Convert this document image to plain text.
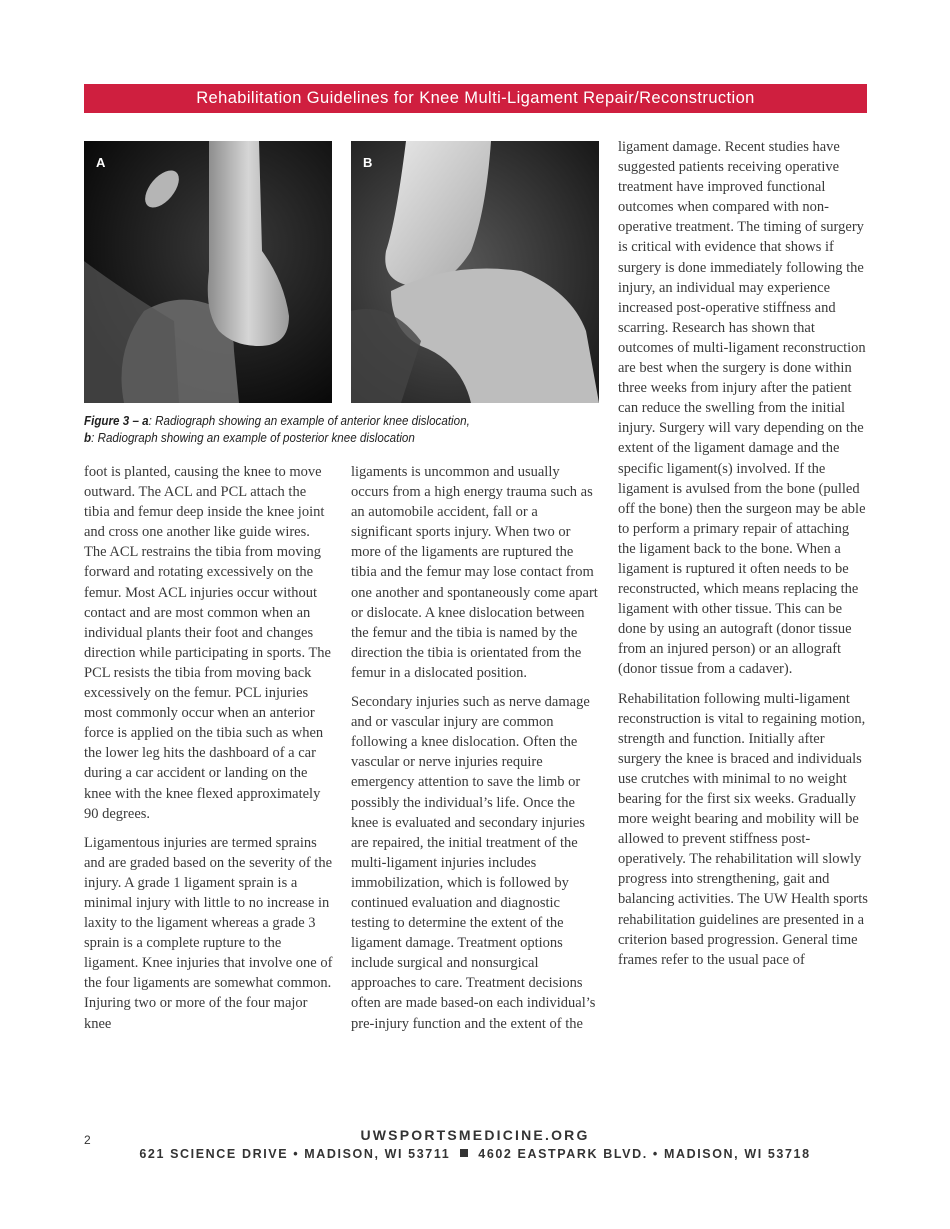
Rehabilitation Guidelines for Knee Multi-Ligament Repair/Reconstruction
A	B
Figure 3 – a: Radiograph showing an example of anterior knee dislocation,
b: Radiograph showing an example of posterior knee dislocation

foot is planted, causing the knee to move outward. The ACL and PCL attach the tibia and femur deep inside the knee joint and cross one another like guide wires. The ACL restrains the tibia from moving forward and rotating excessively on the femur. Most ACL injuries occur without contact and are most common when an individual plants their foot and changes direction while participating in sports. The PCL resists the tibia from moving back excessively on the femur. PCL injuries most commonly occur when an anterior force is applied on the tibia such as when the lower leg hits the dashboard of a car during a car accident or landing on the knee with the knee flexed approximately 90 degrees.

Ligamentous injuries are termed sprains and are graded based on the severity of the injury. A grade 1 ligament sprain is a minimal injury with little to no increase in laxity to the ligament whereas a grade 3 sprain is a complete rupture to the ligament. Knee injuries that involve one of the four ligaments are somewhat common. Injuring two or more of the four major knee

ligaments is uncommon and usually occurs from a high energy trauma such as an automobile accident, fall or a significant sports injury. When two or more of the ligaments are ruptured the tibia and the femur may lose contact from one another and spontaneously come apart or dislocate. A knee dislocation between the femur and the tibia is named by the direction the tibia is orientated from the femur in a dislocated position.

Secondary injuries such as nerve damage and or vascular injury are common following a knee dislocation. Often the vascular or nerve injuries require emergency attention to save the limb or possibly the individual’s life. Once the knee is evaluated and secondary injuries are repaired, the initial treatment of the multi-ligament injuries includes immobilization, which is followed by continued evaluation and diagnostic testing to determine the extent of the ligament damage. Treatment options include surgical and nonsurgical approaches to care. Treatment decisions often are made based-on each individual’s pre-injury function and the extent of the

ligament damage. Recent studies have suggested patients receiving operative treatment have improved functional outcomes when compared with non-operative treatment. The timing of surgery is critical with evidence that shows if surgery is done immediately following the injury, an individual may experience increased post-operative stiffness and scarring. Research has shown that outcomes of multi-ligament reconstruction are best when the surgery is done within three weeks from injury after the patient can reduce the swelling from the initial injury. Surgery will vary depending on the extent of the ligament damage and the specific ligament(s) involved. If the ligament is avulsed from the bone (pulled off the bone) then the surgeon may be able to perform a primary repair of attaching the ligament back to the bone. When a ligament is ruptured it often needs to be reconstructed, which means replacing the ligament with other tissue. This can be done by using an autograft (donor tissue from an injured person) or an allograft (donor tissue from a cadaver).

Rehabilitation following multi-ligament reconstruction is vital to regaining motion, strength and function. Initially after surgery the knee is braced and individuals use crutches with minimal to no weight bearing for the first six weeks. Gradually more weight bearing and mobility will be allowed to prevent stiffness post-operatively. The rehabilitation will slowly progress into strengthening, gait and balancing activities. The UW Health sports rehabilitation guidelines are presented in a criterion based progression. General time frames refer to the usual pace of

2	UWSPORTSMEDICINE.ORG
621 SCIENCE DRIVE • MADISON, WI 53711 4602 EASTPARK BLVD. • MADISON, WI 53718
